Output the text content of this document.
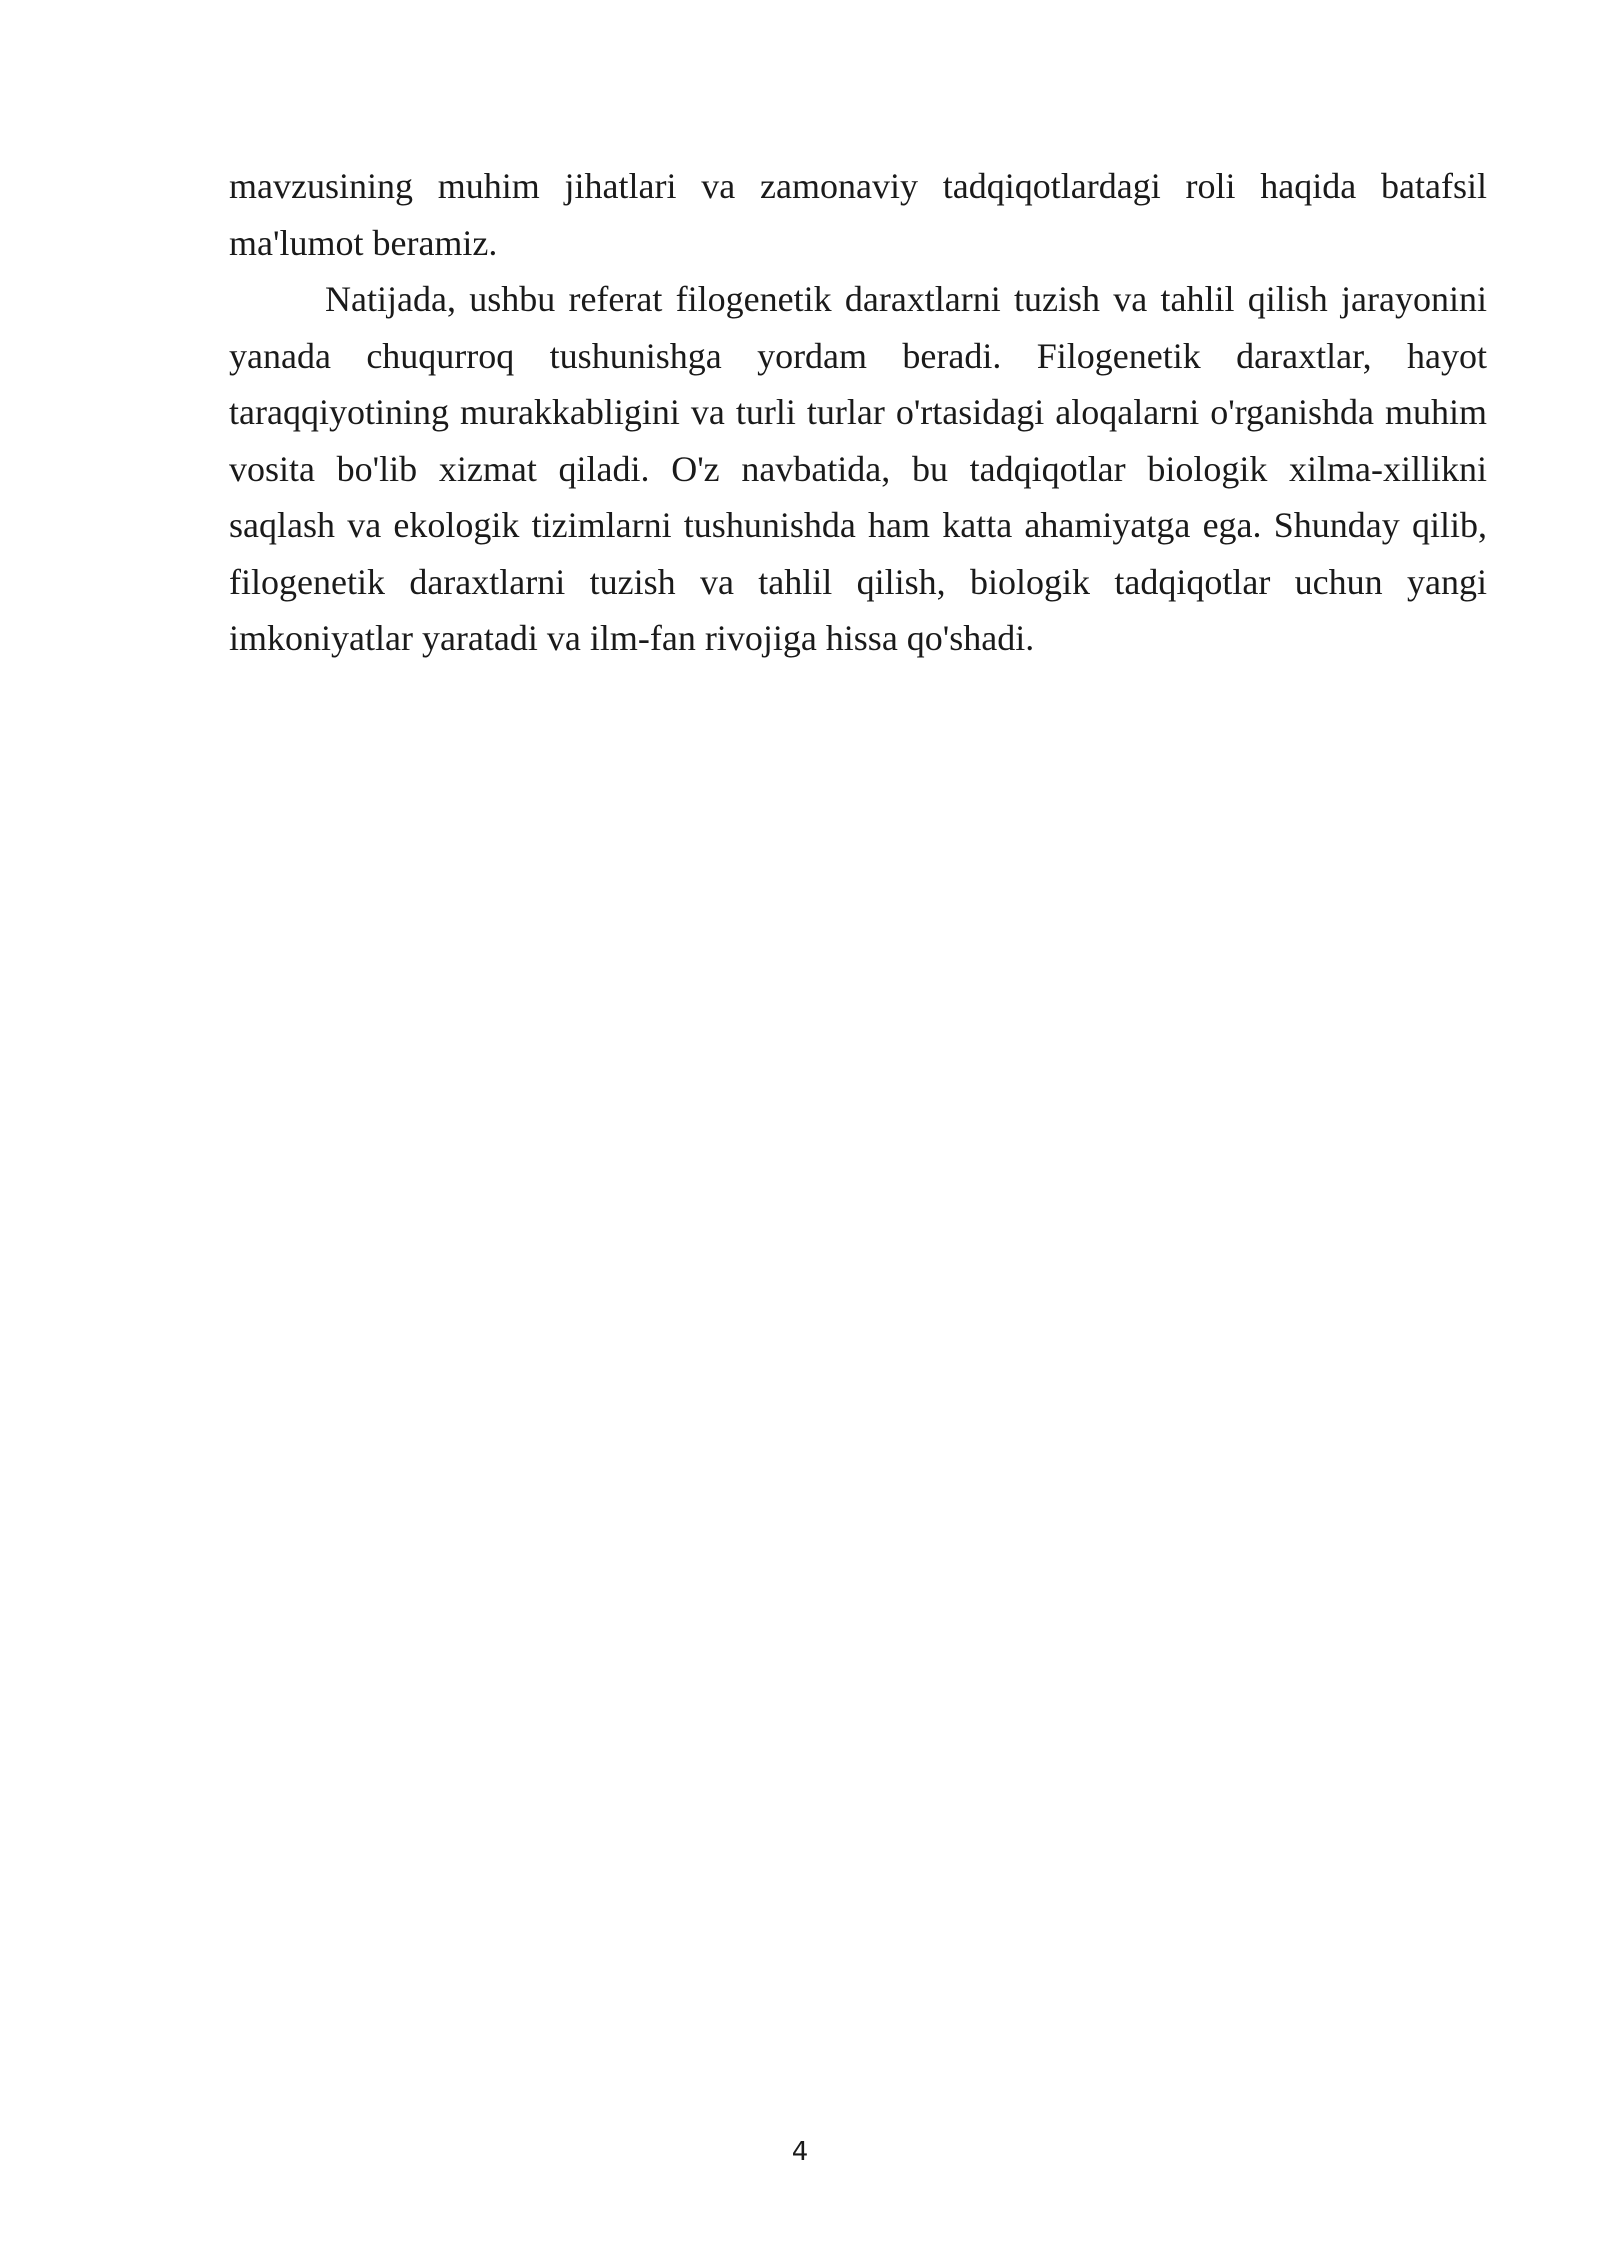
mavzusining muhim jihatlari va zamonaviy tadqiqotlardagi roli haqida batafsil ma'lumot beramiz.

Natijada, ushbu referat filogenetik daraxtlarni tuzish va tahlil qilish jarayonini yanada chuqurroq tushunishga yordam beradi. Filogenetik daraxtlar, hayot taraqqiyotining murakkabligini va turli turlar o'rtasidagi aloqalarni o'rganishda muhim vosita bo'lib xizmat qiladi. O'z navbatida, bu tadqiqotlar biologik xilma-xillikni saqlash va ekologik tizimlarni tushunishda ham katta ahamiyatga ega. Shunday qilib, filogenetik daraxtlarni tuzish va tahlil qilish, biologik tadqiqotlar uchun yangi imkoniyatlar yaratadi va ilm-fan rivojiga hissa qo'shadi.

4
